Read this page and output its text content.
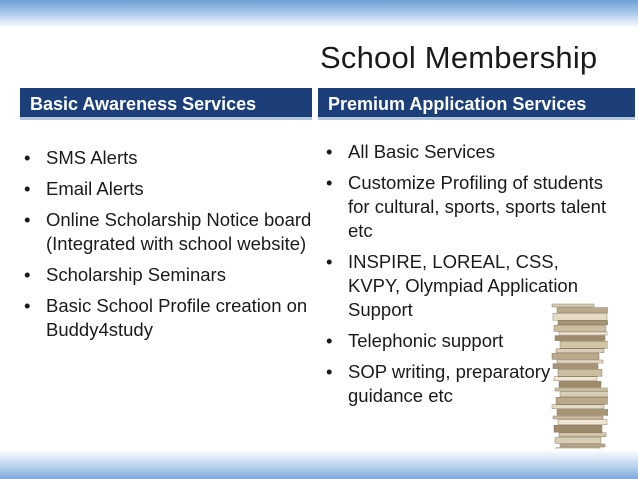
School Membership
Basic Awareness Services	Premium Application Services
• SMS Alerts
• Email Alerts
• Online Scholarship Notice board (Integrated with school website)
• Scholarship Seminars
• Basic School Profile creation on Buddy4study
• All Basic Services
• Customize Profiling of students for cultural, sports, sports talent etc
• INSPIRE, LOREAL, CSS, KVPY, Olympiad Application Support
• Telephonic support
• SOP writing, preparatory guidance etc
